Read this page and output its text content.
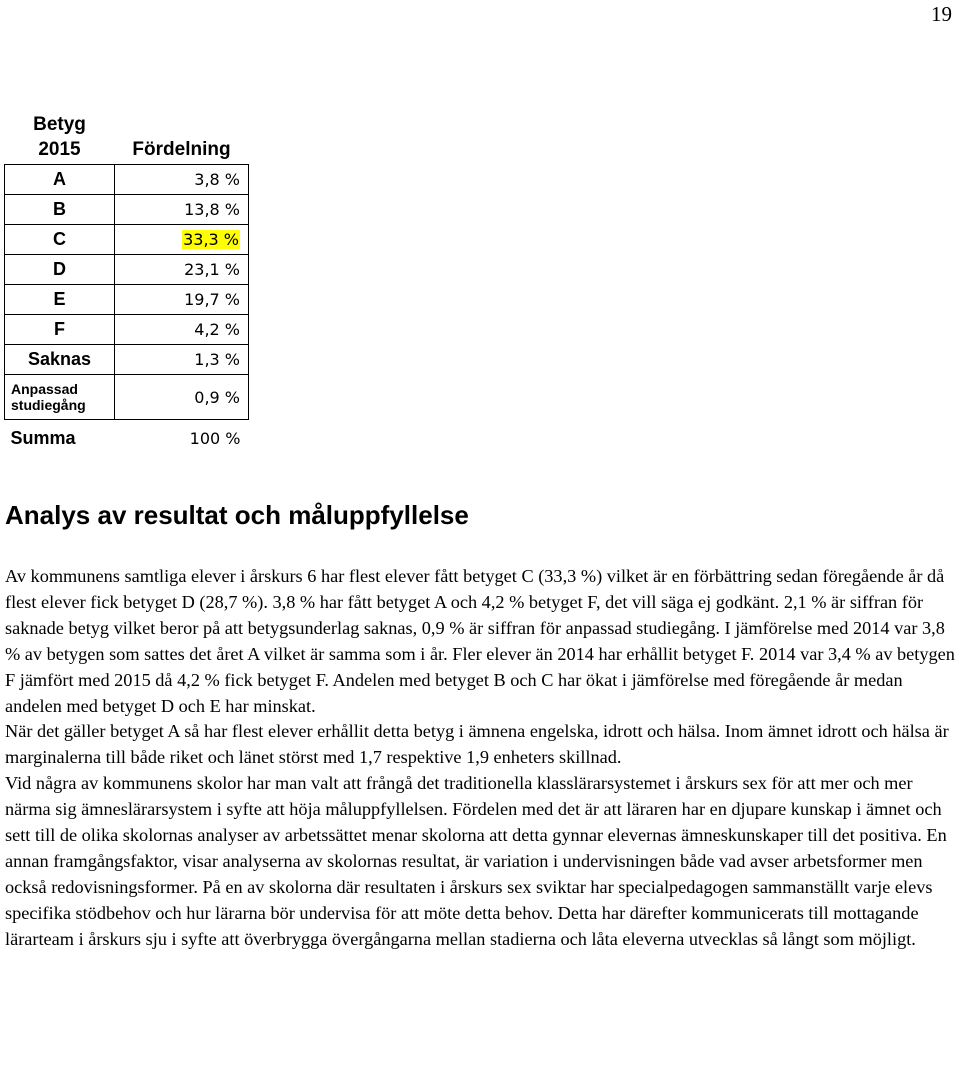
19
Betyg
2015	Fördelning
A	3,8 %
B	13,8 %
C	33,3 %
D	23,1 %
E	19,7 %
F	4,2 %
Saknas	1,3 %
Anpassad
studiegång	0,9 %
Summa	100 %
Analys av resultat och måluppfyllelse

Av kommunens samtliga elever i årskurs 6 har flest elever fått betyget C (33,3 %) vilket är en förbättring sedan föregående år då flest elever fick betyget D (28,7 %). 3,8 % har fått betyget A och 4,2 % betyget F, det vill säga ej godkänt. 2,1 % är siffran för saknade betyg vilket beror på att betygsunderlag saknas, 0,9 % är siffran för anpassad studiegång. I jämförelse med 2014 var 3,8 % av betygen som sattes det året A vilket är samma som i år. Fler elever än 2014 har erhållit betyget F. 2014 var 3,4 % av betygen F jämfört med 2015 då 4,2 % fick betyget F. Andelen med betyget B och C har ökat i jämförelse med föregående år medan andelen med betyget D och E har minskat.

När det gäller betyget A så har flest elever erhållit detta betyg i ämnena engelska, idrott och hälsa. Inom ämnet idrott och hälsa är marginalerna till både riket och länet störst med 1,7 respektive 1,9 enheters skillnad.

Vid några av kommunens skolor har man valt att frångå det traditionella klasslärarsystemet i årskurs sex för att mer och mer närma sig ämneslärarsystem i syfte att höja måluppfyllelsen. Fördelen med det är att läraren har en djupare kunskap i ämnet och sett till de olika skolornas analyser av arbetssättet menar skolorna att detta gynnar elevernas ämneskunskaper till det positiva. En annan framgångsfaktor, visar analyserna av skolornas resultat, är variation i undervisningen både vad avser arbetsformer men också redovisningsformer. På en av skolorna där resultaten i årskurs sex sviktar har specialpedagogen sammanställt varje elevs specifika stödbehov och hur lärarna bör undervisa för att möte detta behov. Detta har därefter kommunicerats till mottagande lärarteam i årskurs sju i syfte att överbrygga övergångarna mellan stadierna och låta eleverna utvecklas så långt som möjligt.
